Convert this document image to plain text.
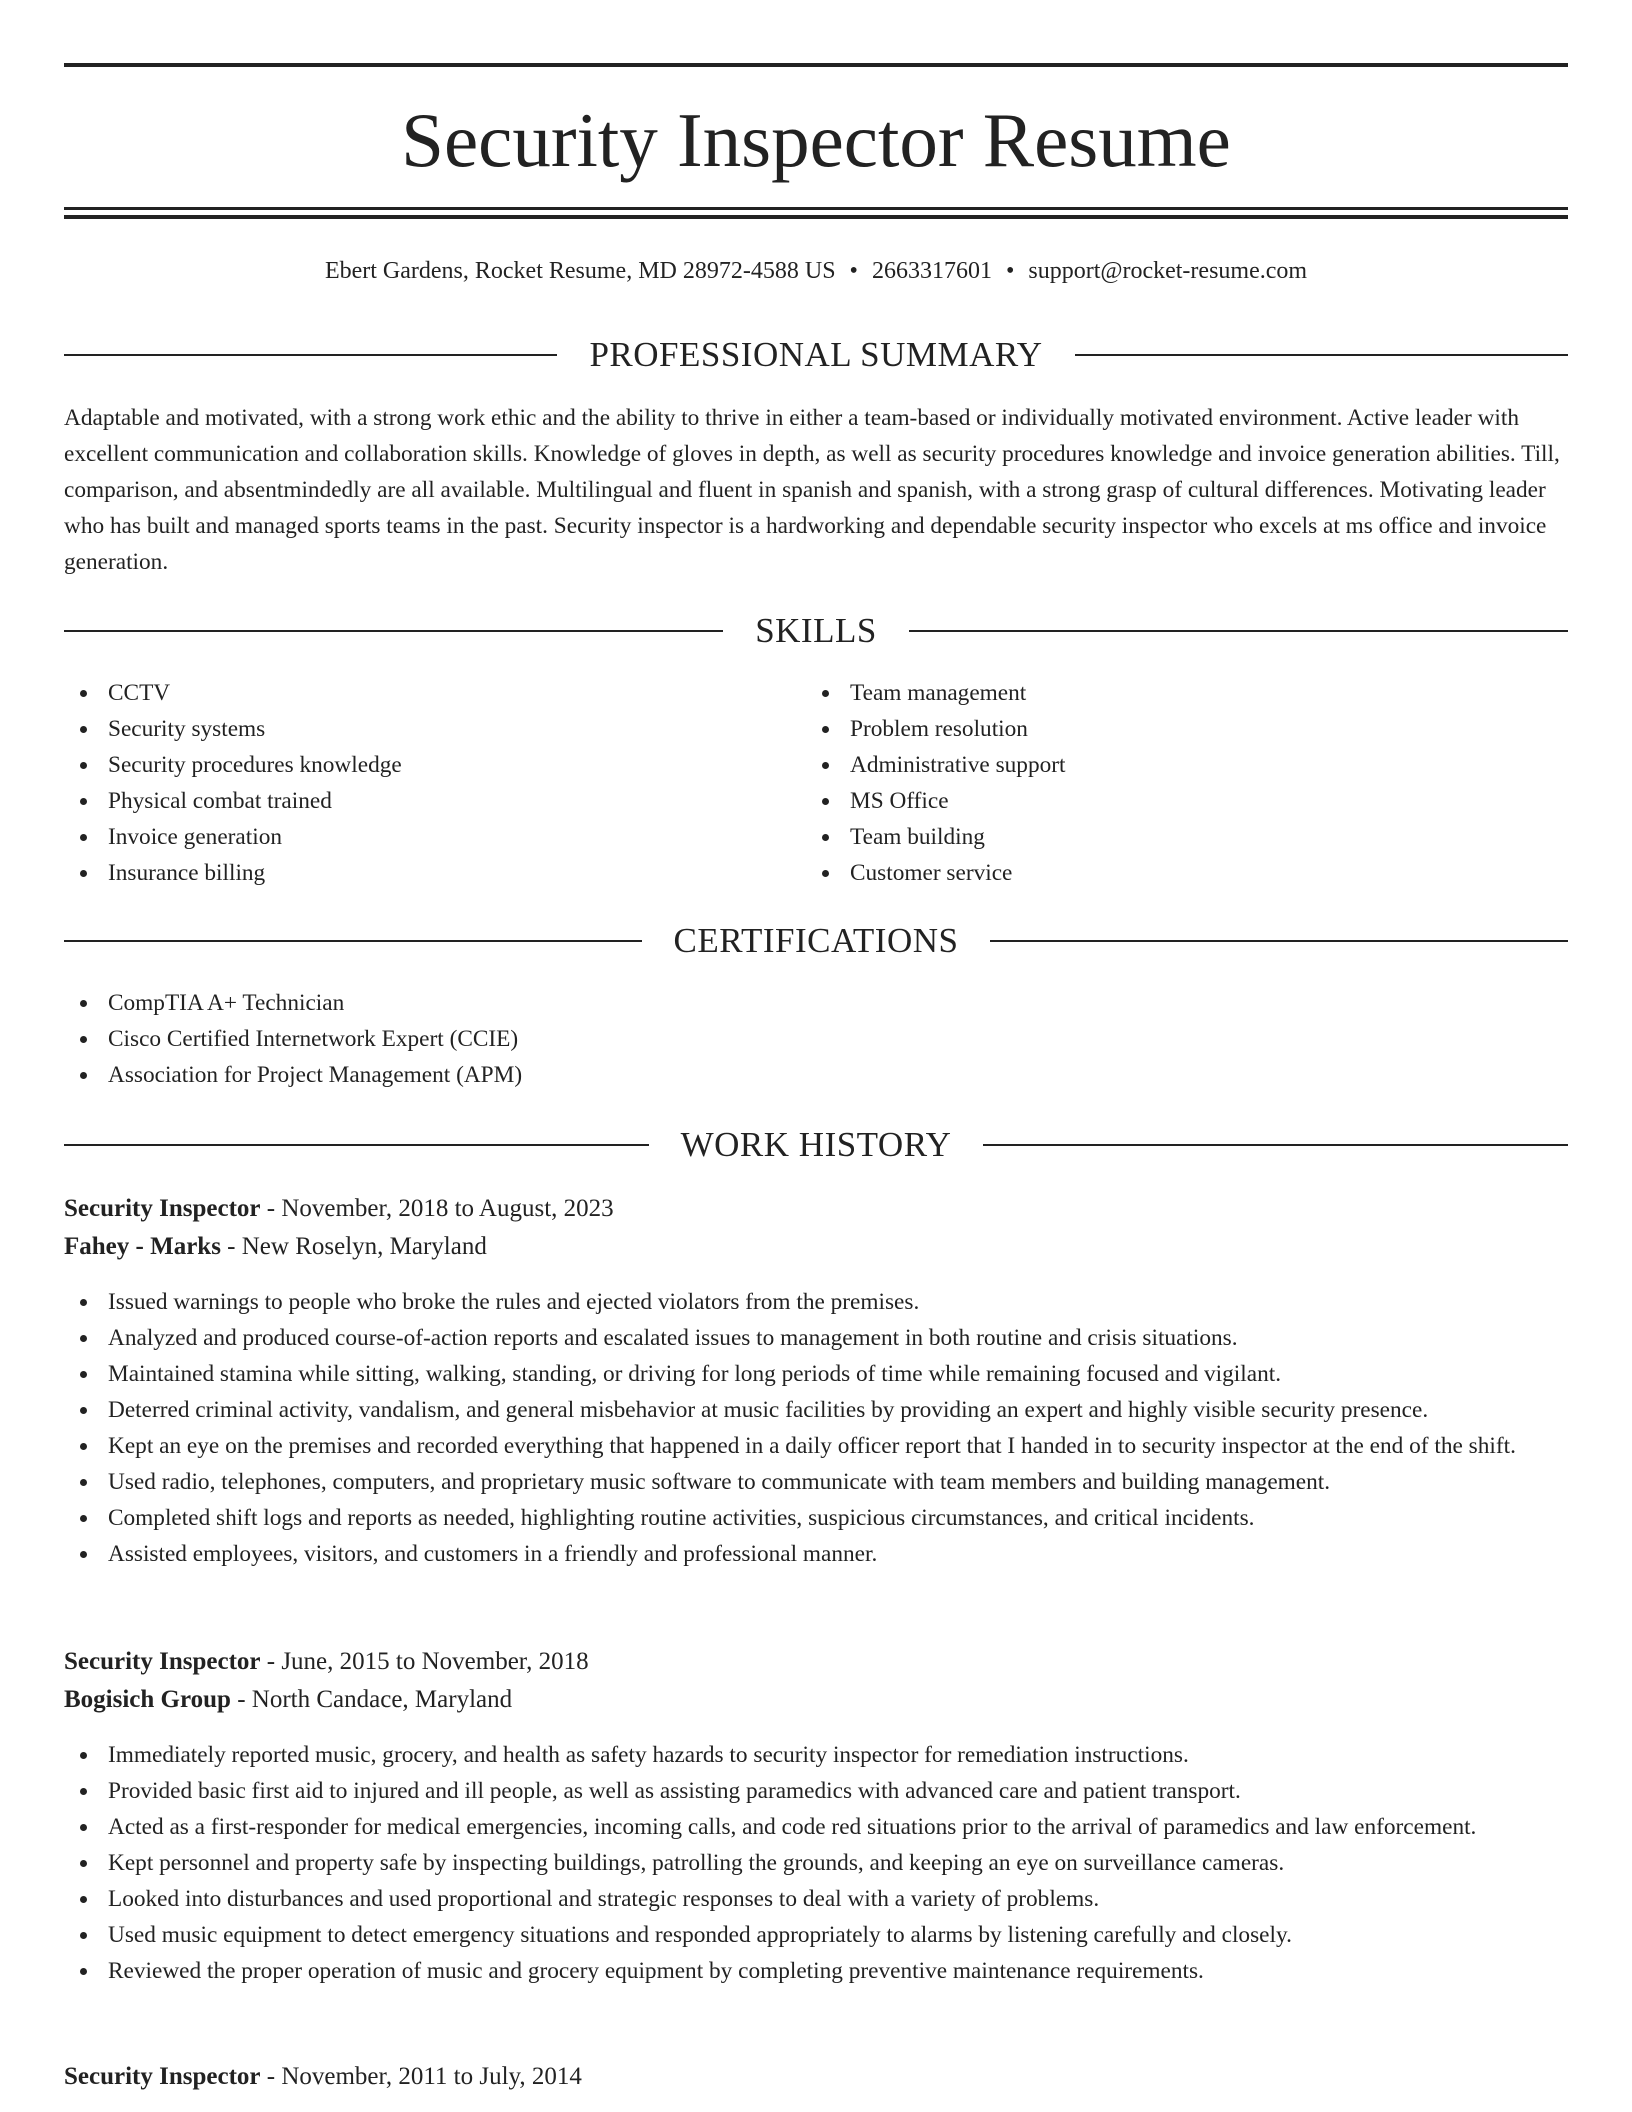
Security Inspector Resume
Ebert Gardens, Rocket Resume, MD 28972-4588 US • 2663317601 • support@rocket-resume.com
PROFESSIONAL SUMMARY

Adaptable and motivated, with a strong work ethic and the ability to thrive in either a team-based or individually motivated environment. Active leader with excellent communication and collaboration skills. Knowledge of gloves in depth, as well as security procedures knowledge and invoice generation abilities. Till, comparison, and absentmindedly are all available. Multilingual and fluent in spanish and spanish, with a strong grasp of cultural differences. Motivating leader who has built and managed sports teams in the past. Security inspector is a hardworking and dependable security inspector who excels at ms office and invoice generation.

SKILLS
CCTV
Security systems
Security procedures knowledge
Physical combat trained
Invoice generation
Insurance billing
Team management
Problem resolution
Administrative support
MS Office
Team building
Customer service
CERTIFICATIONS
CompTIA A+ Technician
Cisco Certified Internetwork Expert (CCIE)
Association for Project Management (APM)
WORK HISTORY
Security Inspector - November, 2018 to August, 2023
Fahey - Marks - New Roselyn, Maryland
Issued warnings to people who broke the rules and ejected violators from the premises.
Analyzed and produced course-of-action reports and escalated issues to management in both routine and crisis situations.
Maintained stamina while sitting, walking, standing, or driving for long periods of time while remaining focused and vigilant.
Deterred criminal activity, vandalism, and general misbehavior at music facilities by providing an expert and highly visible security presence.
Kept an eye on the premises and recorded everything that happened in a daily officer report that I handed in to security inspector at the end of the shift.
Used radio, telephones, computers, and proprietary music software to communicate with team members and building management.
Completed shift logs and reports as needed, highlighting routine activities, suspicious circumstances, and critical incidents.
Assisted employees, visitors, and customers in a friendly and professional manner.
Security Inspector - June, 2015 to November, 2018
Bogisich Group - North Candace, Maryland
Immediately reported music, grocery, and health as safety hazards to security inspector for remediation instructions.
Provided basic first aid to injured and ill people, as well as assisting paramedics with advanced care and patient transport.
Acted as a first-responder for medical emergencies, incoming calls, and code red situations prior to the arrival of paramedics and law enforcement.
Kept personnel and property safe by inspecting buildings, patrolling the grounds, and keeping an eye on surveillance cameras.
Looked into disturbances and used proportional and strategic responses to deal with a variety of problems.
Used music equipment to detect emergency situations and responded appropriately to alarms by listening carefully and closely.
Reviewed the proper operation of music and grocery equipment by completing preventive maintenance requirements.
Security Inspector - November, 2011 to July, 2014
